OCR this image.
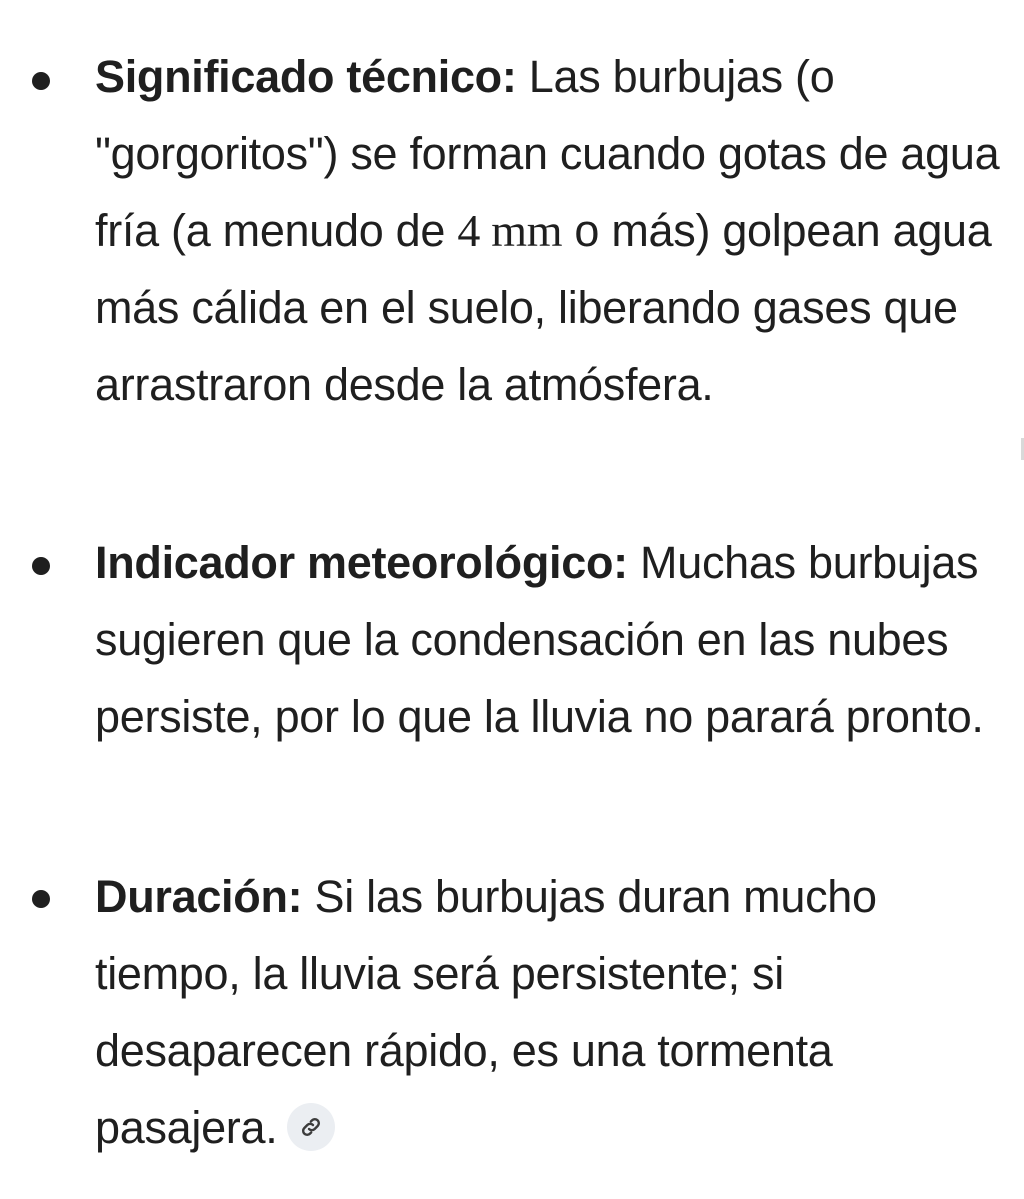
Significado técnico: Las burbujas (o "gorgoritos") se forman cuando gotas de agua fría (a menudo de 4 mm o más) golpean agua más cálida en el suelo, liberando gases que arrastraron desde la atmósfera.

Indicador meteorológico: Muchas burbujas sugieren que la condensación en las nubes persiste, por lo que la lluvia no parará pronto.

Duración: Si las burbujas duran mucho tiempo, la lluvia será persistente; si desaparecen rápido, es una tormenta pasajera.
